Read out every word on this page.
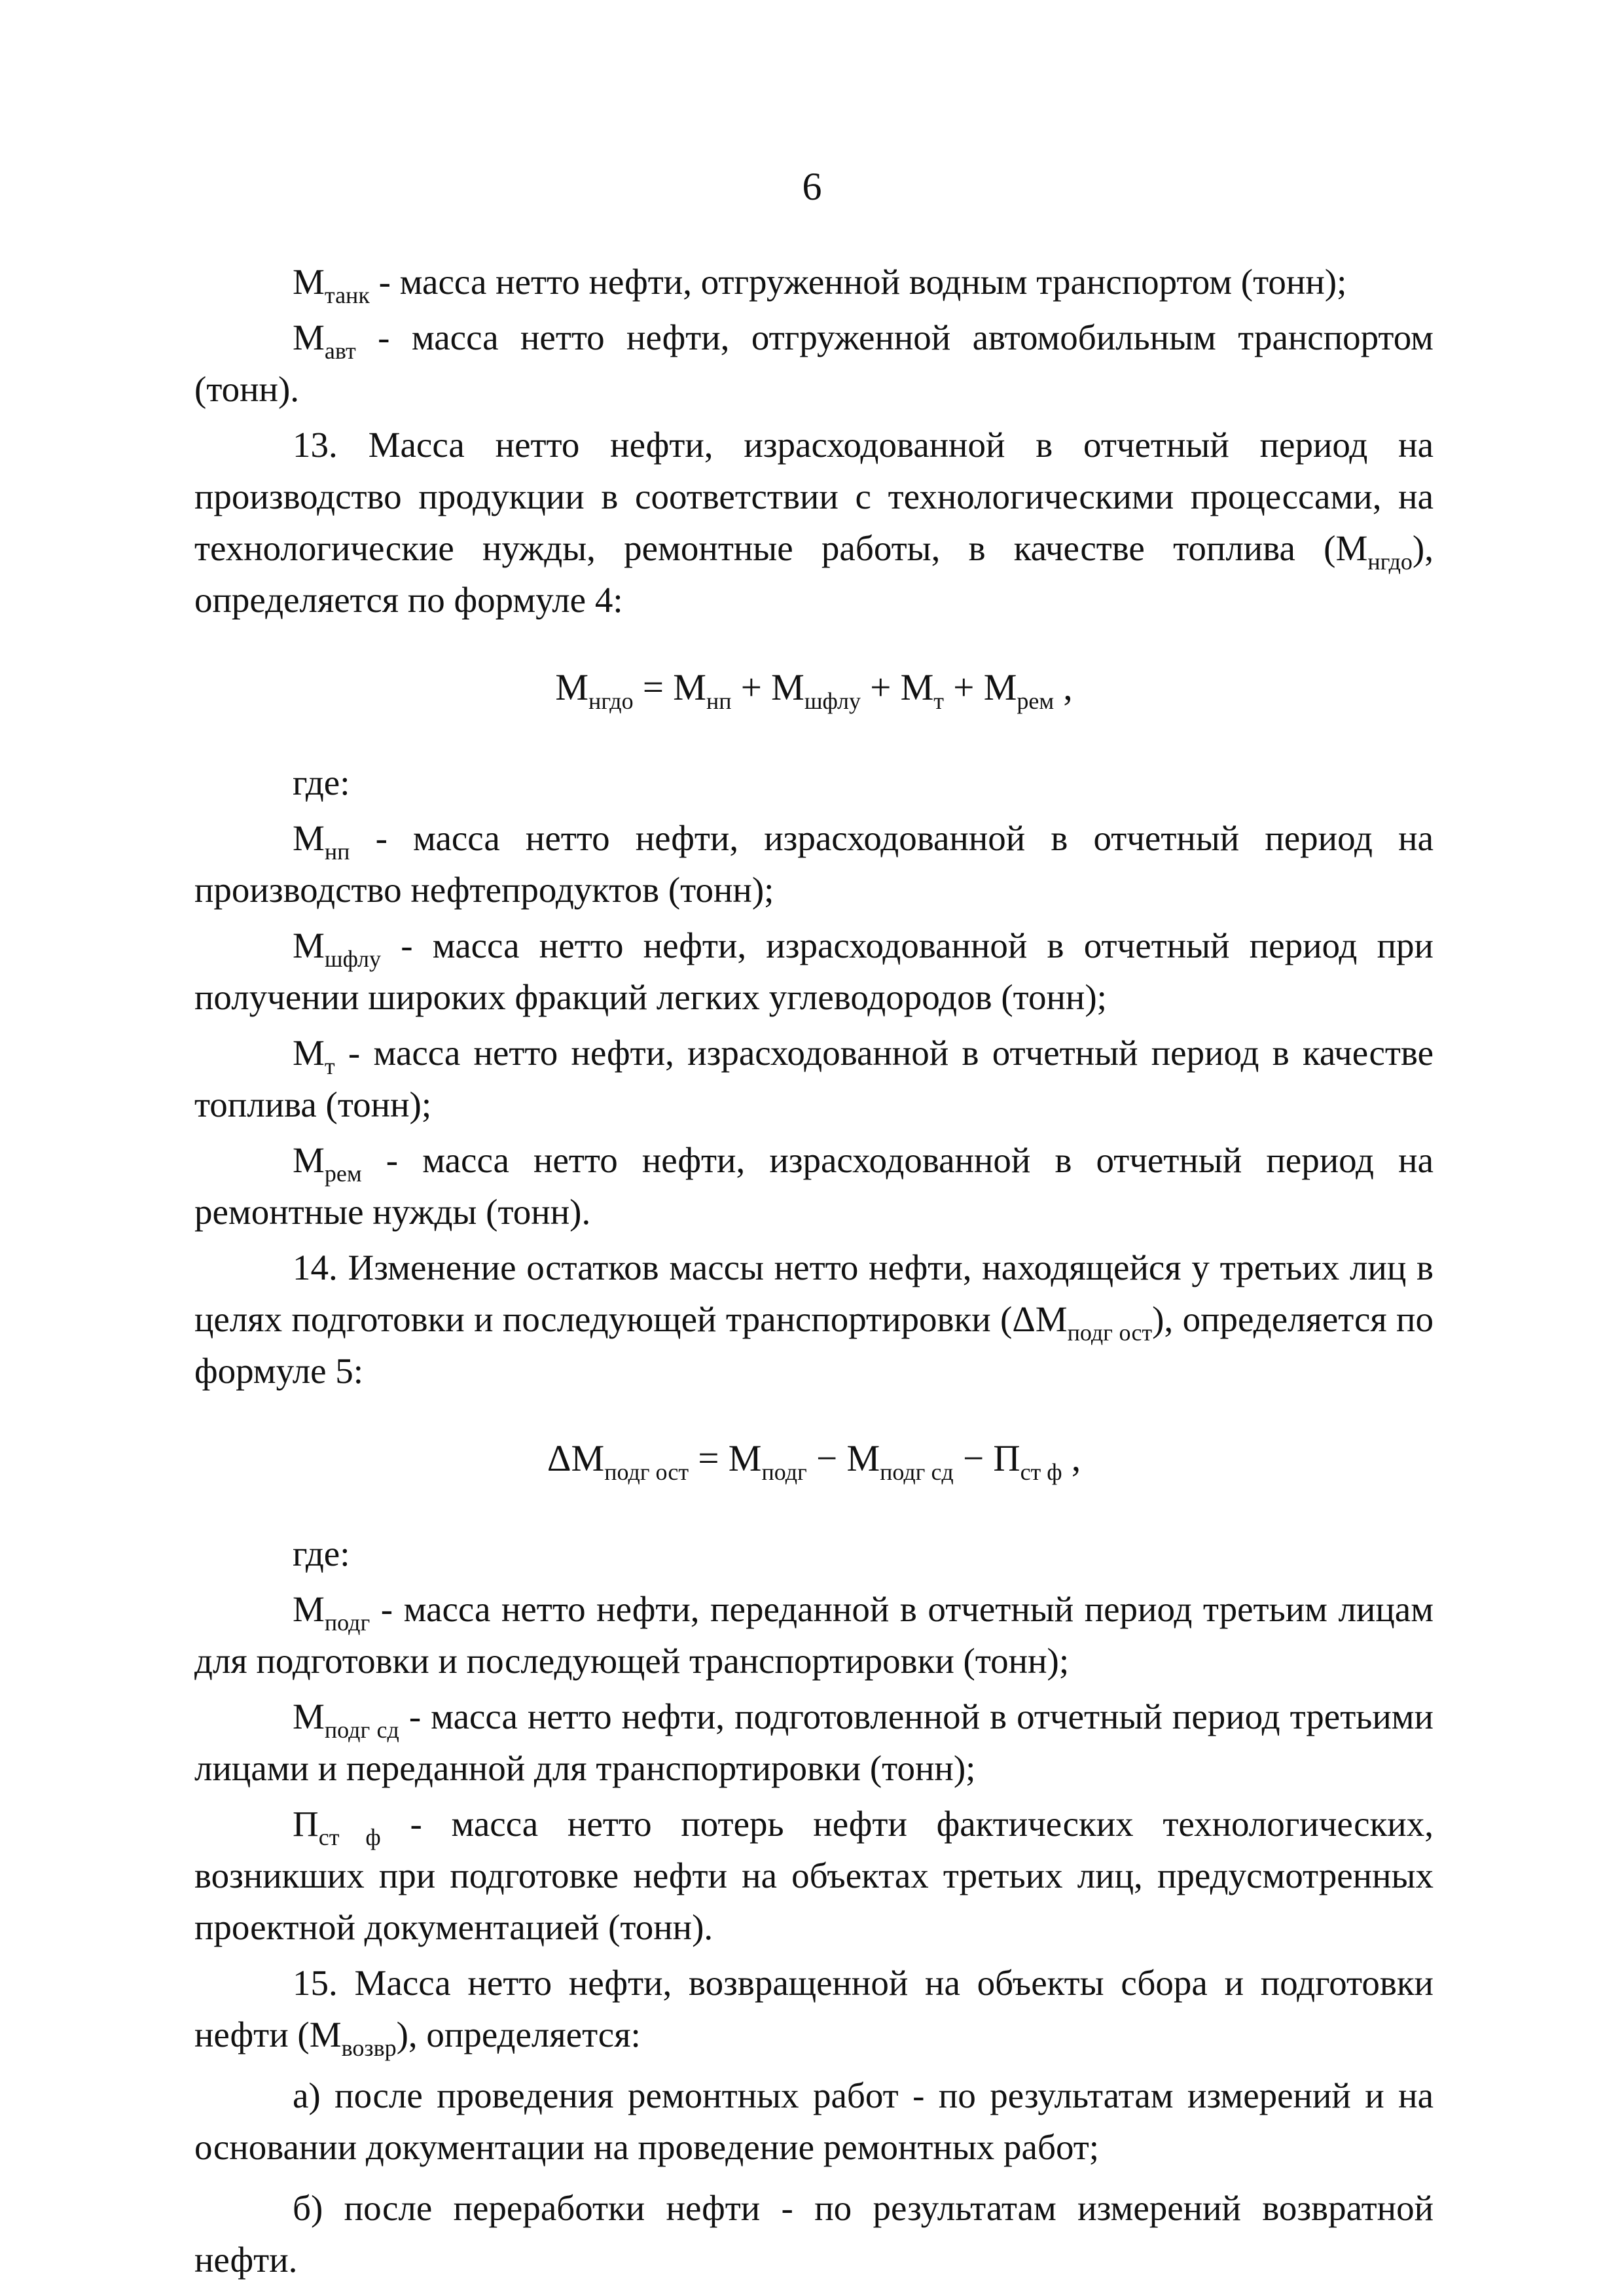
6

$М_{танк}$ - масса нетто нефти, отгруженной водным транспортом (тонн);

$М_{авт}$ - масса нетто нефти, отгруженной автомобильным транспортом (тонн).

13. Масса нетто нефти, израсходованной в отчетный период на производство продукции в соответствии с технологическими процессами, на технологические нужды, ремонтные работы, в качестве топлива $(М_{нгдо})$, определяется по формуле 4:

$М_{нгдо} = М_{нп} + М_{шфлу} + М_т + М_{рем}$ ,

где:

$М_{нп}$ - масса нетто нефти, израсходованной в отчетный период на производство нефтепродуктов (тонн);

$М_{шфлу}$ - масса нетто нефти, израсходованной в отчетный период при получении широких фракций легких углеводородов (тонн);

$М_т$ - масса нетто нефти, израсходованной в отчетный период в качестве топлива (тонн);

$М_{рем}$ - масса нетто нефти, израсходованной в отчетный период на ремонтные нужды (тонн).

14. Изменение остатков массы нетто нефти, находящейся у третьих лиц в целях подготовки и последующей транспортировки $(\Delta М_{подг ост})$, определяется по формуле 5:

$\Delta М_{подг ост} = М_{подг} - М_{подг сд} - П_{ст ф}$ ,

где:

$М_{подг}$ - масса нетто нефти, переданной в отчетный период третьим лицам для подготовки и последующей транспортировки (тонн);

$М_{подг сд}$ - масса нетто нефти, подготовленной в отчетный период третьими лицами и переданной для транспортировки (тонн);

$П_{ст ф}$ - масса нетто потерь нефти фактических технологических, возникших при подготовке нефти на объектах третьих лиц, предусмотренных проектной документацией (тонн).

15. Масса нетто нефти, возвращенной на объекты сбора и подготовки нефти $(М_{возвр})$, определяется:

а) после проведения ремонтных работ - по результатам измерений и на основании документации на проведение ремонтных работ;

б) после переработки нефти - по результатам измерений возвратной нефти.
